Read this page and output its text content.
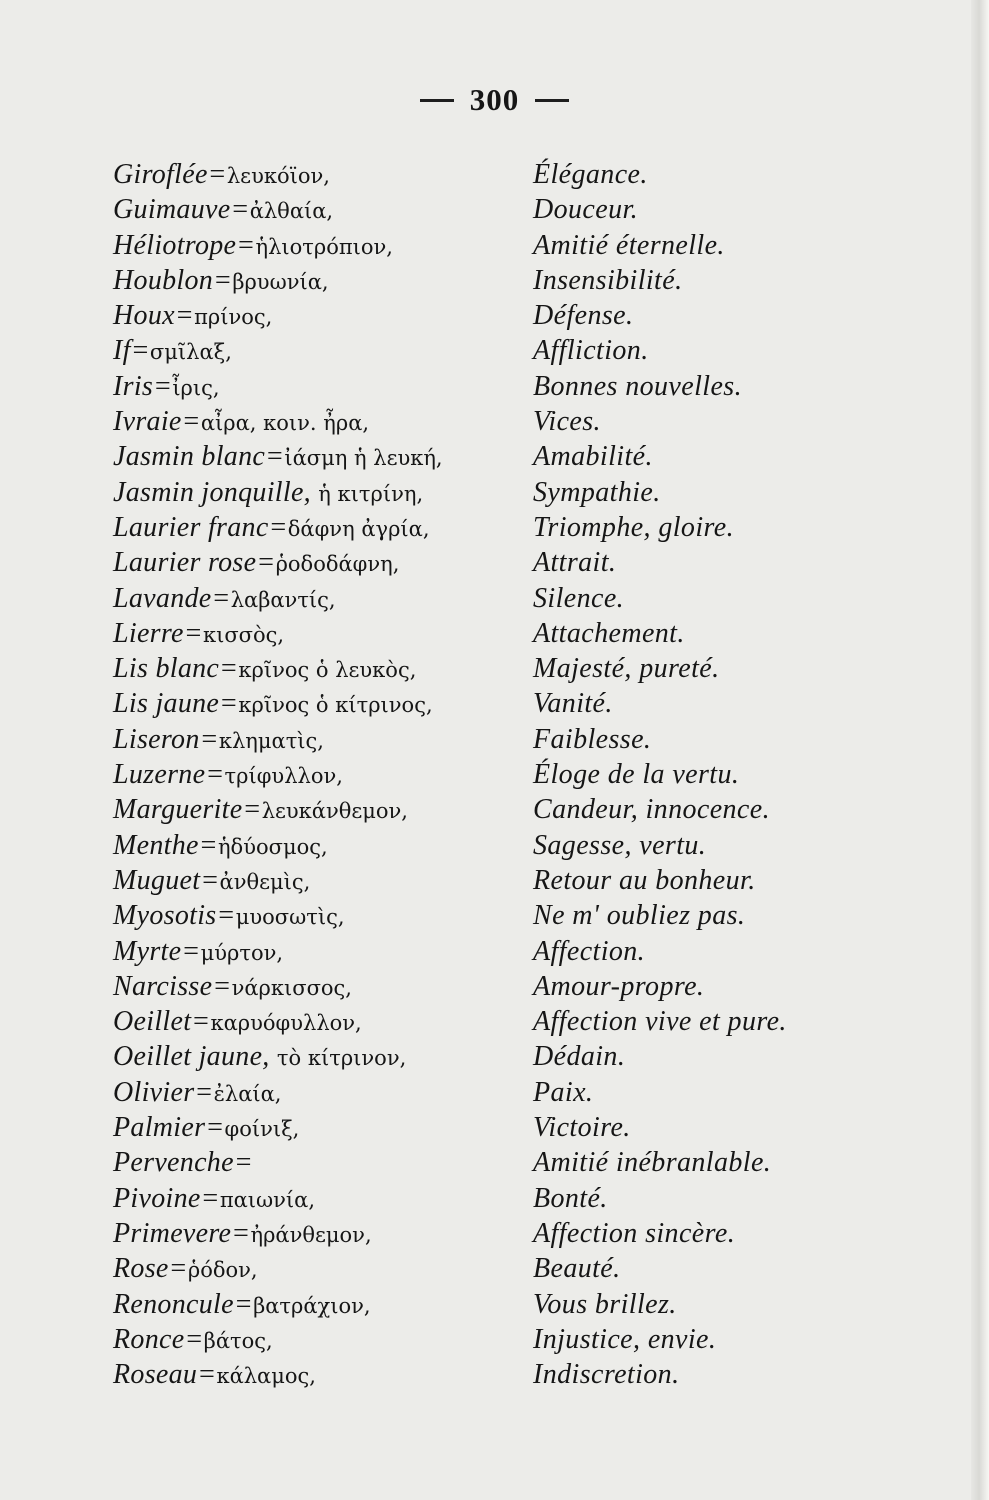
300
Giroflée=λευκόϊον,	Élégance.
Guimauve=ἀλθαία,	Douceur.
Héliotrope=ἡλιοτρόπιον,	Amitié éternelle.
Houblon=βρυωνία,	Insensibilité.
Houx=πρίνος,	Défense.
If=σμῖλαξ,	Affliction.
Iris=ἶρις,	Bonnes nouvelles.
Ivraie=αἶρα, κοιν. ἦρα,	Vices.
Jasmin blanc=ἰάσμη ἡ λευκή,	Amabilité.
Jasmin jonquille, ἡ κιτρίνη,	Sympathie.
Laurier franc=δάφνη ἀγρία,	Triomphe, gloire.
Laurier rose=ῥοδοδάφνη,	Attrait.
Lavande=λαβαντίς,	Silence.
Lierre=κισσὸς,	Attachement.
Lis blanc=κρῖνος ὁ λευκὸς,	Majesté, pureté.
Lis jaune=κρῖνος ὁ κίτρινος,	Vanité.
Liseron=κληματὶς,	Faiblesse.
Luzerne=τρίφυλλον,	Éloge de la vertu.
Marguerite=λευκάνθεμον,	Candeur, innocence.
Menthe=ἡδύοσμος,	Sagesse, vertu.
Muguet=ἀνθεμὶς,	Retour au bonheur.
Myosotis=μυοσωτὶς,	Ne m' oubliez pas.
Myrte=μύρτον,	Affection.
Narcisse=νάρκισσος,	Amour-propre.
Oeillet=καρυόφυλλον,	Affection vive et pure.
Oeillet jaune, τὸ κίτρινον,	Dédain.
Olivier=ἐλαία,	Paix.
Palmier=φοίνιξ,	Victoire.
Pervenche=	Amitié inébranlable.
Pivoine=παιωνία,	Bonté.
Primevere=ἠράνθεμον,	Affection sincère.
Rose=ῥόδον,	Beauté.
Renoncule=βατράχιον,	Vous brillez.
Ronce=βάτος,	Injustice, envie.
Roseau=κάλαμος,	Indiscretion.
